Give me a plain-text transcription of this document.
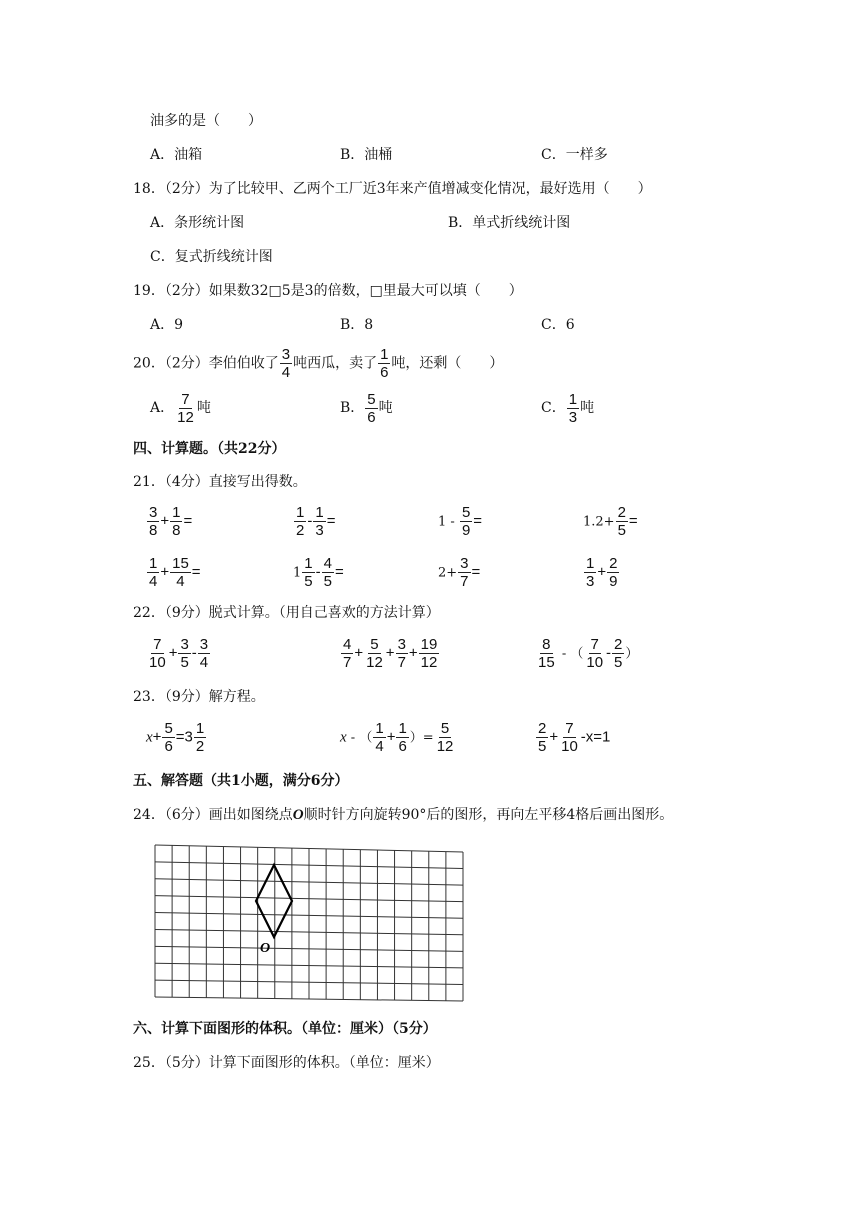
油多的是（　　）
A．油箱	B．油桶	C．一样多
18．（2分）为了比较甲、乙两个工厂近3年来产值增减变化情况，最好选用（　　）
A．条形统计图	B．单式折线统计图
C．复式折线统计图
19．（2分）如果数32□5是3的倍数，□里最大可以填（　　）
A．9	B．8	C．6
20．（2分）李伯伯收了 $\frac{3}{4}$ 吨西瓜，卖了 $\frac{1}{6}$ 吨，还剩（　　）
A． $\frac{7}{12}$ 吨	B． $\frac{5}{6}$ 吨	C． $\frac{1}{3}$ 吨
四、计算题。（共22分）
21．（4分）直接写出得数。
$\frac{3}{8} + \frac{1}{8}$ =	$\frac{1}{2} - \frac{1}{3}$ =	$1 - \frac{5}{9}$ =	$1.2+ \frac{2}{5}$ =
$\frac{1}{4} + \frac{15}{4}$ =	$1 \frac{1}{5} - \frac{4}{5}$ =	$2+ \frac{3}{7}$ =	$\frac{1}{3} + \frac{2}{9}$
22．（9分）脱式计算。（用自己喜欢的方法计算）
$\frac{7}{10} + \frac{3}{5} - \frac{3}{4}$	$\frac{4}{7} + \frac{5}{12} + \frac{3}{7} + \frac{19}{12}$	$\frac{8}{15}$ - （ $\frac{7}{10} - \frac{2}{5}$ ）
23．（9分）解方程。
$x+ \frac{5}{6} =3 \frac{1}{2}$	x - （ $\frac{1}{4} + \frac{1}{6}$ ）= $\frac{5}{12}$	$\frac{2}{5} + \frac{7}{10} -x=1$
五、解答题（共1小题，满分6分）
24．（6分）画出如图绕点O顺时针方向旋转90°后的图形，再向左平移4格后画出图形。
O
六、计算下面图形的体积。（单位：厘米）（5分）
25．（5分）计算下面图形的体积。（单位：厘米）
